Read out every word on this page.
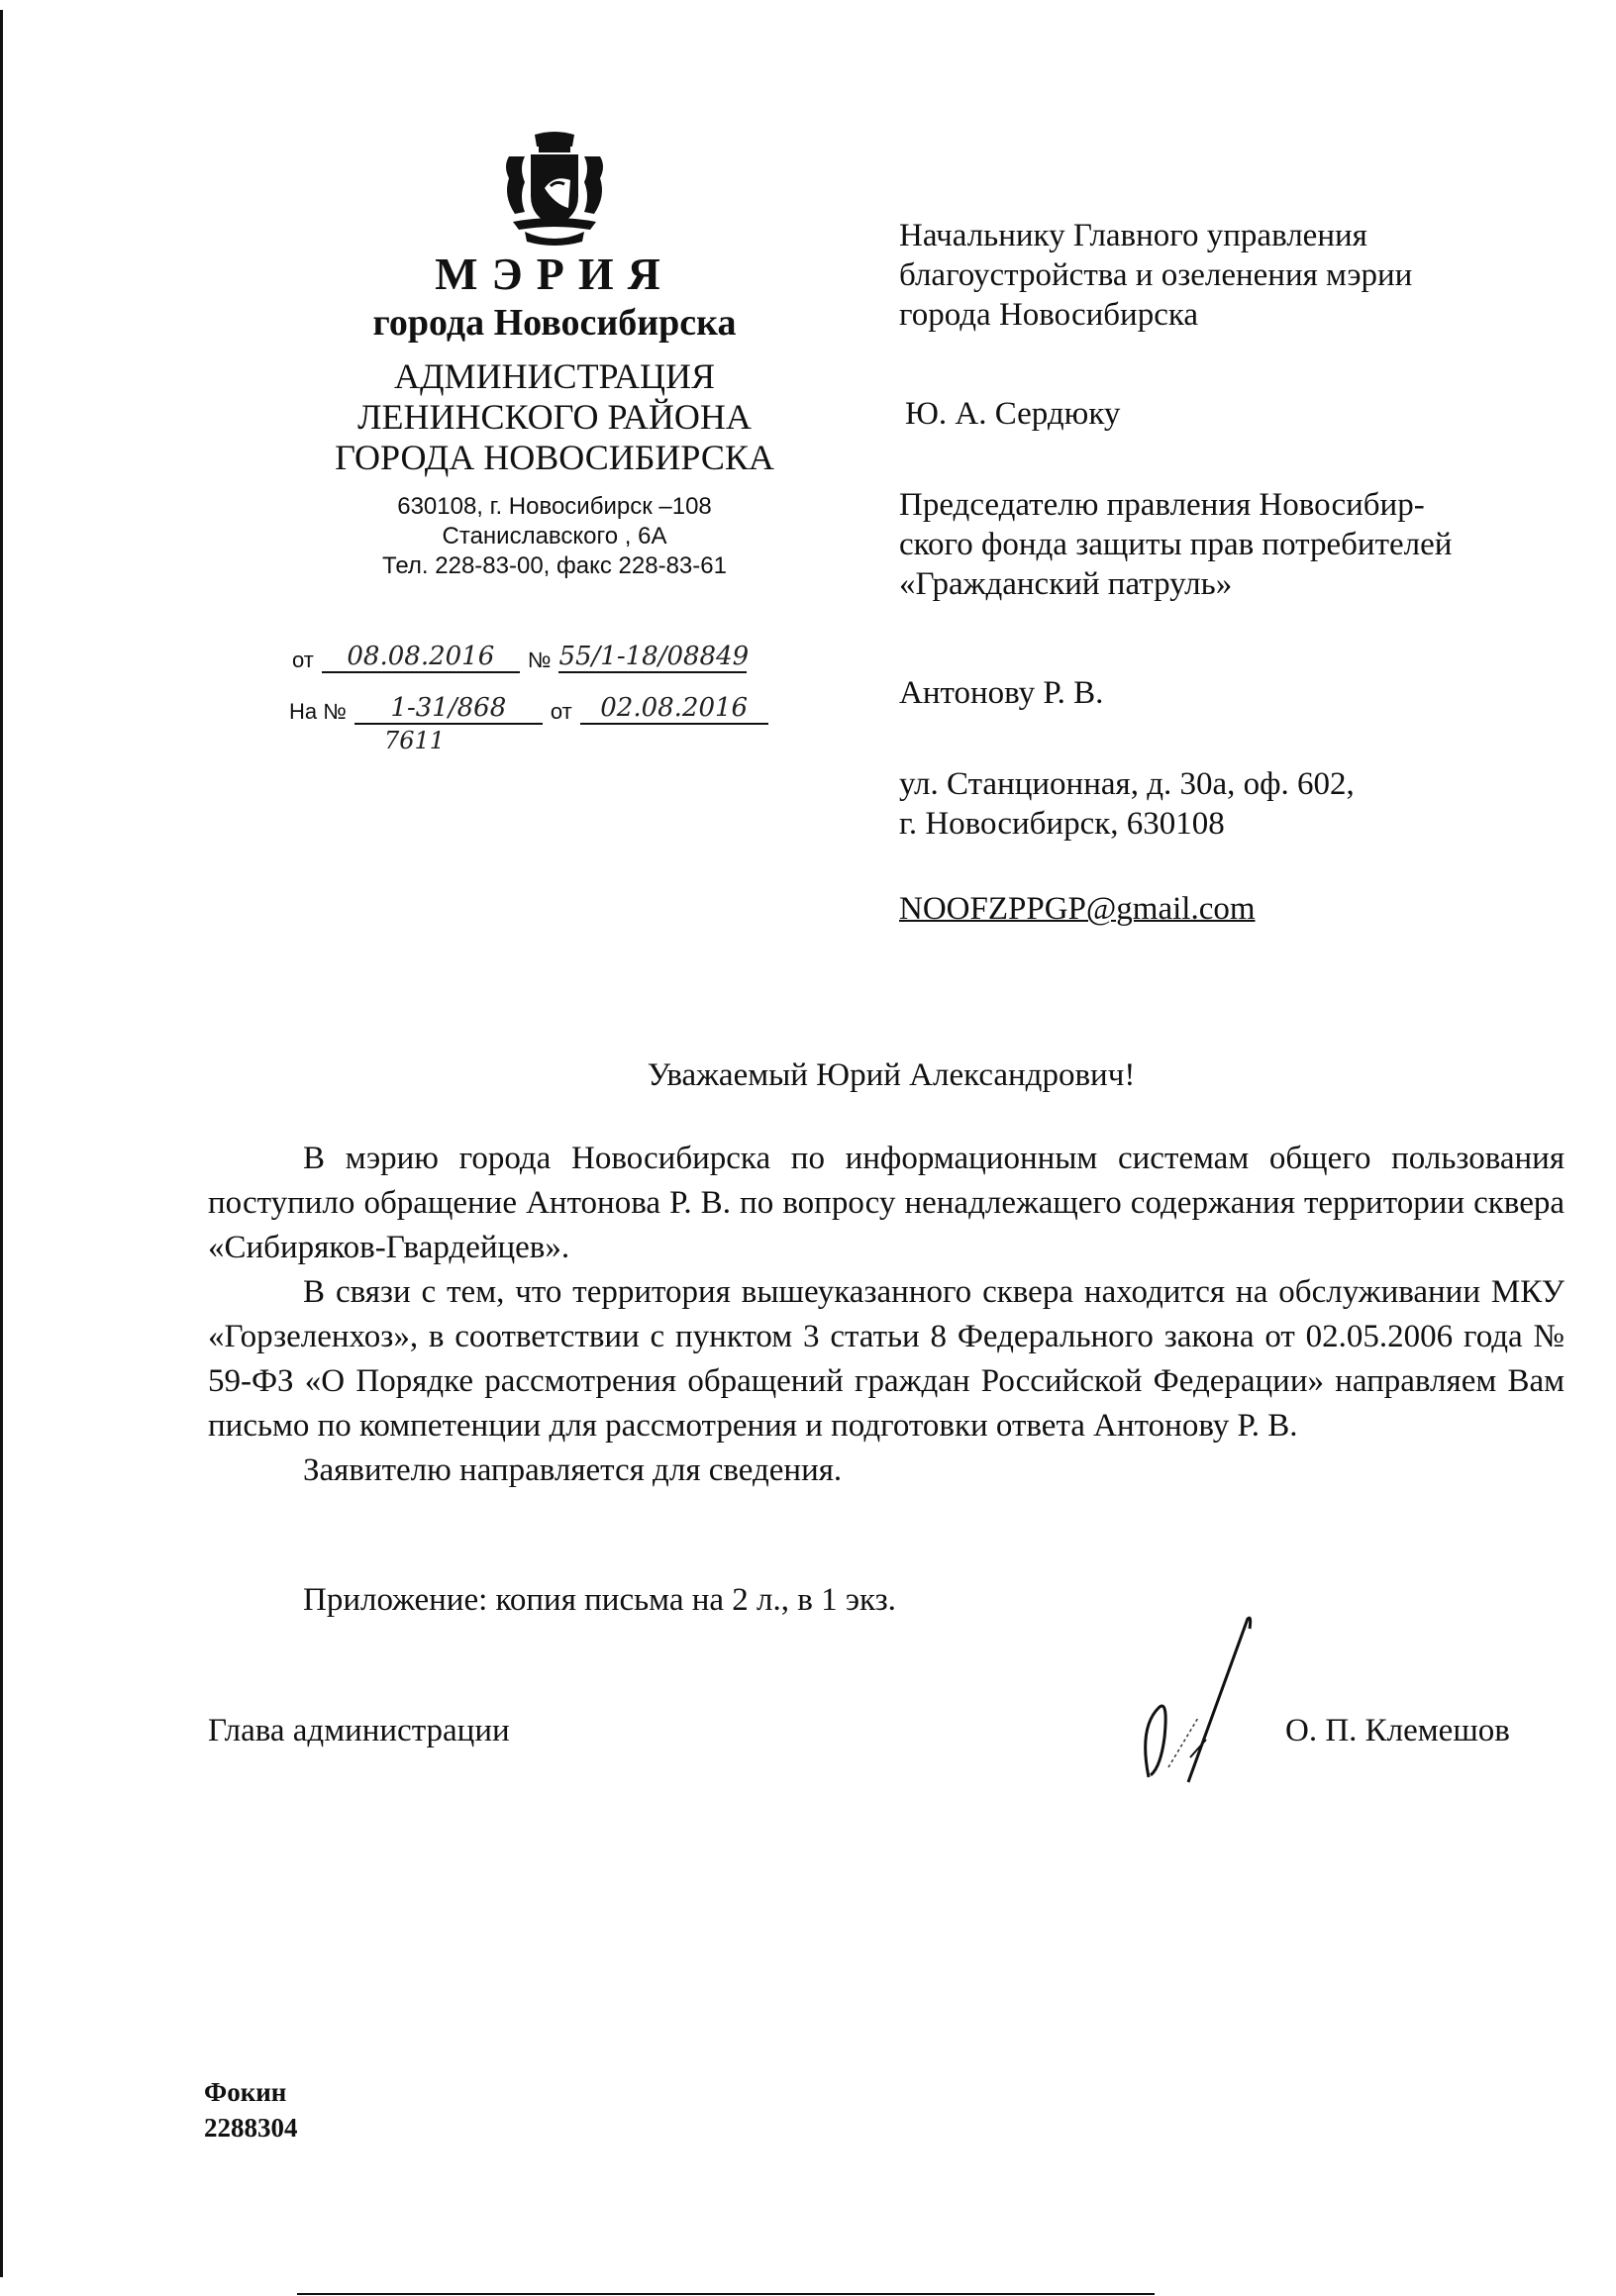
МЭРИЯ
города Новосибирска
АДМИНИСТРАЦИЯ
ЛЕНИНСКОГО РАЙОНА
ГОРОДА НОВОСИБИРСКА
630108, г. Новосибирск –108
Станиславского , 6А
Тел. 228-83-00, факс 228-83-61
от	08.08.2016	№ 55/1-18/08849
На №	1-31/868	от	02.08.2016
7611

Начальнику Главного управления

благоустройства и озеленения мэрии

города Новосибирска

Ю. А. Сердюку

Председателю правления Новосибир-

ского фонда защиты прав потребителей

«Гражданский патруль»

Антонову Р. В.

ул. Станционная, д. 30а, оф. 602,

г. Новосибирск, 630108

NOOFZPPGP@gmail.com
Уважаемый Юрий Александрович!

В мэрию города Новосибирска по информационным системам общего пользования поступило обращение Антонова Р. В. по вопросу ненадлежащего содержания территории сквера «Сибиряков-Гвардейцев».

В связи с тем, что территория вышеуказанного сквера находится на обслуживании МКУ «Горзеленхоз», в соответствии с пунктом 3 статьи 8 Федерального закона от 02.05.2006 года № 59-ФЗ «О Порядке рассмотрения обращений граждан Российской Федерации» направляем Вам письмо по компетенции для рассмотрения и подготовки ответа Антонову Р. В.

Заявителю направляется для сведения.

Приложение: копия письма на 2 л., в 1 экз.
Глава администрации	О. П. Клемешов
Фокин
2288304
